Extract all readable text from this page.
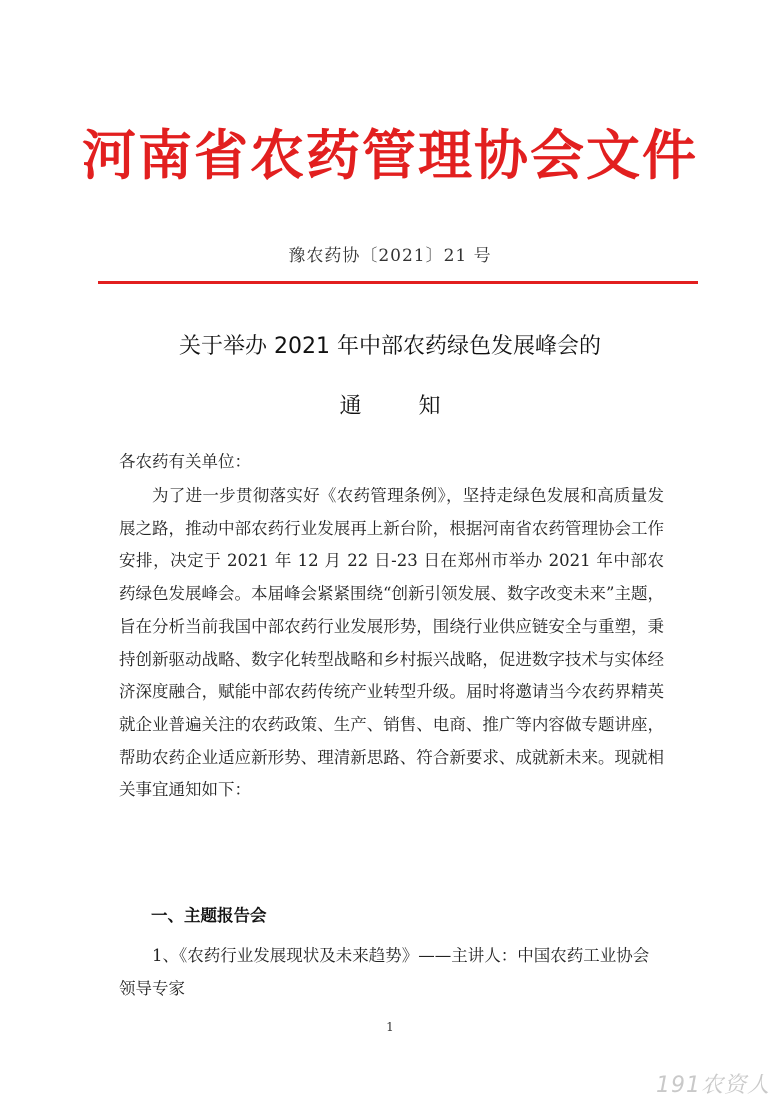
河南省农药管理协会文件
豫农药协〔2021〕21 号
关于举办 2021 年中部农药绿色发展峰会的
通 知
各农药有关单位：
为了进一步贯彻落实好《农药管理条例》，坚持走绿色发展和高质量发展之路，推动中部农药行业发展再上新台阶，根据河南省农药管理协会工作安排，决定于 2021 年 12 月 22 日-23 日在郑州市举办 2021 年中部农药绿色发展峰会。本届峰会紧紧围绕“创新引领发展、数字改变未来”主题，旨在分析当前我国中部农药行业发展形势，围绕行业供应链安全与重塑，秉持创新驱动战略、数字化转型战略和乡村振兴战略，促进数字技术与实体经济深度融合，赋能中部农药传统产业转型升级。届时将邀请当今农药界精英就企业普遍关注的农药政策、生产、销售、电商、推广等内容做专题讲座，帮助农药企业适应新形势、理清新思路、符合新要求、成就新未来。现就相关事宜通知如下：
一、主题报告会
1、《农药行业发展现状及未来趋势》——主讲人：中国农药工业协会领导专家
1
191农资人
